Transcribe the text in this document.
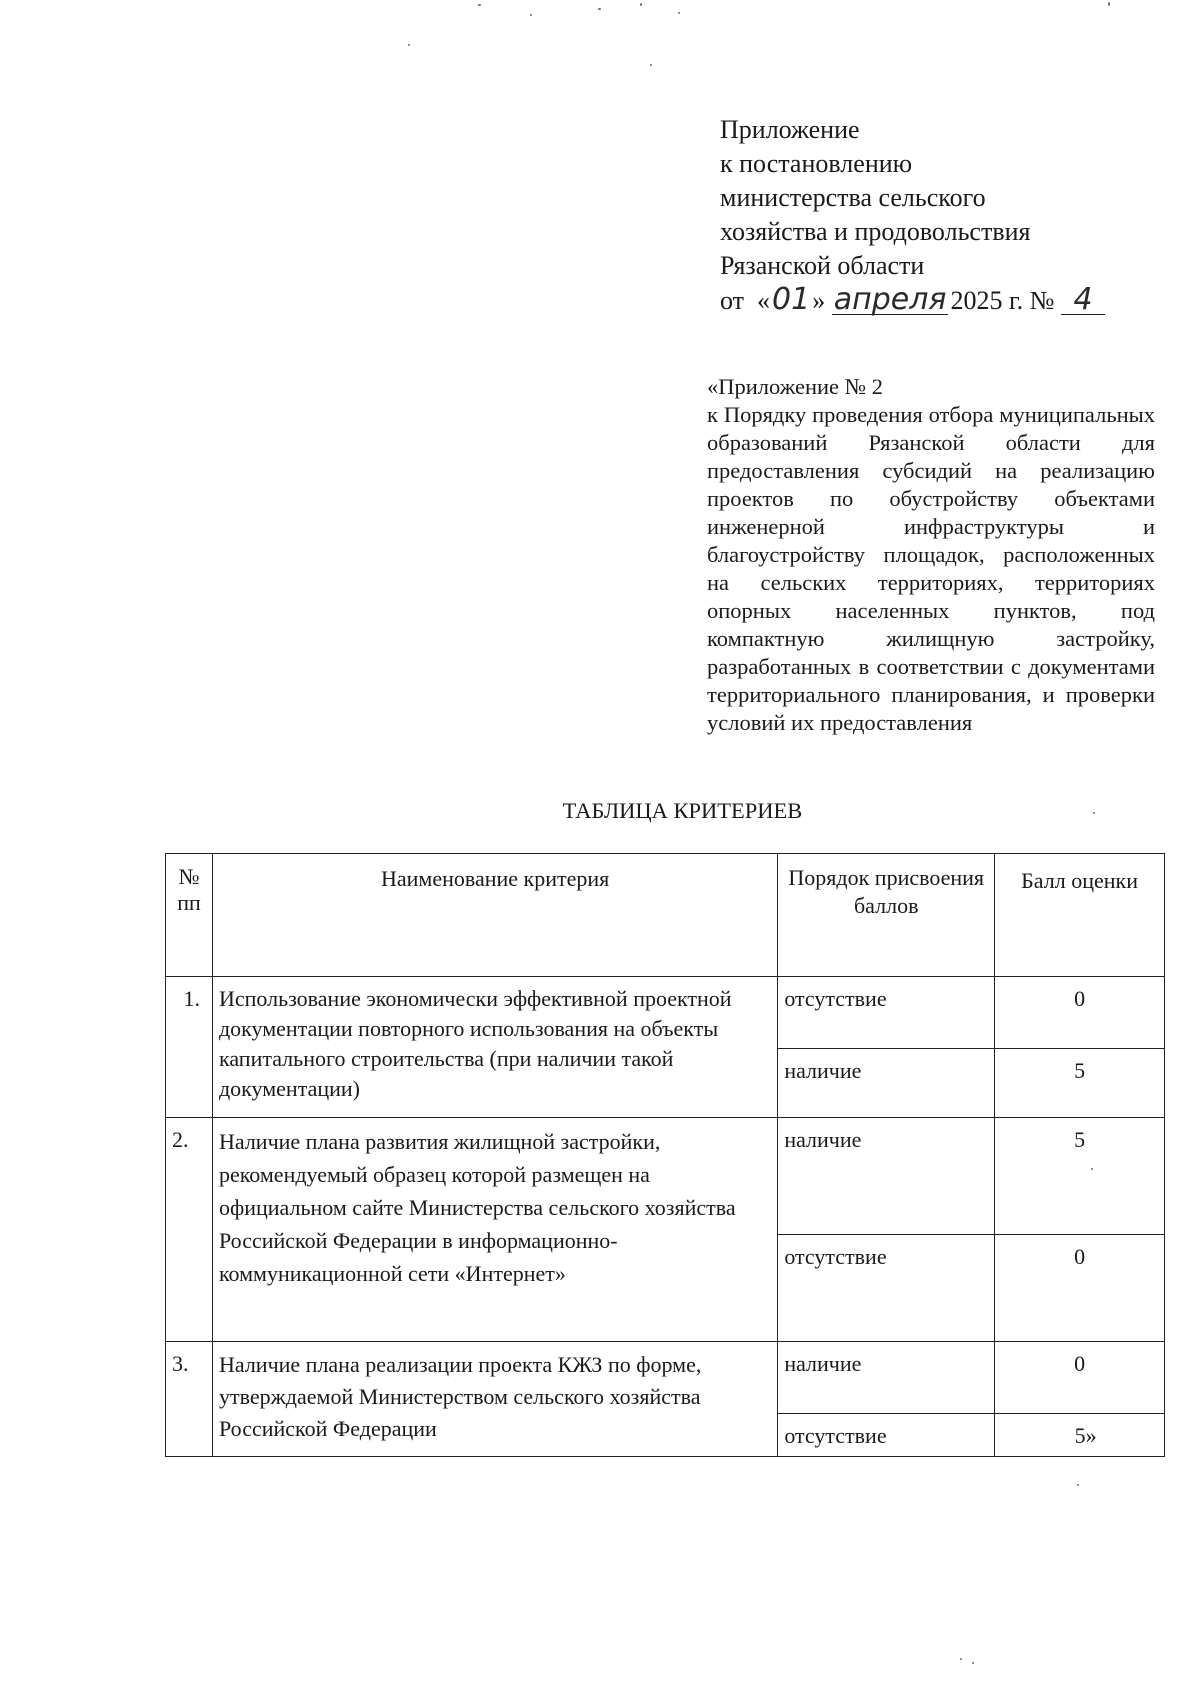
Приложение
к постановлению
министерства сельского
хозяйства и продовольствия
Рязанской области
от  «01» апреля 2025 г. № 4
«Приложение № 2

к Порядку проведения отбора муниципальных образований Рязанской области для предоставления субсидий на реализацию проектов по обустройству объектами инженерной инфраструктуры и благоустройству площадок, расположенных на сельских территориях, территориях опорных населенных пунктов, под компактную жилищную застройку, разработанных в соответствии с документами территориального планирования, и проверки условий их предоставления

ТАБЛИЦА КРИТЕРИЕВ
№
пп	Наименование критерия	Порядок присвоения баллов	Балл оценки
1.	Использование экономически эффективной проектной документации повторного использования на объекты капитального строительства (при наличии такой документации)	отсутствие	0
		наличие	5
2.	Наличие плана развития жилищной застройки, рекомендуемый образец которой размещен на официальном сайте Министерства сельского хозяйства Российской Федерации в информационно-коммуникационной сети «Интернет»	наличие	5
		отсутствие	0
3.	Наличие плана реализации проекта КЖЗ по форме, утверждаемой Министерством сельского хозяйства Российской Федерации	наличие	0
		отсутствие	5»
